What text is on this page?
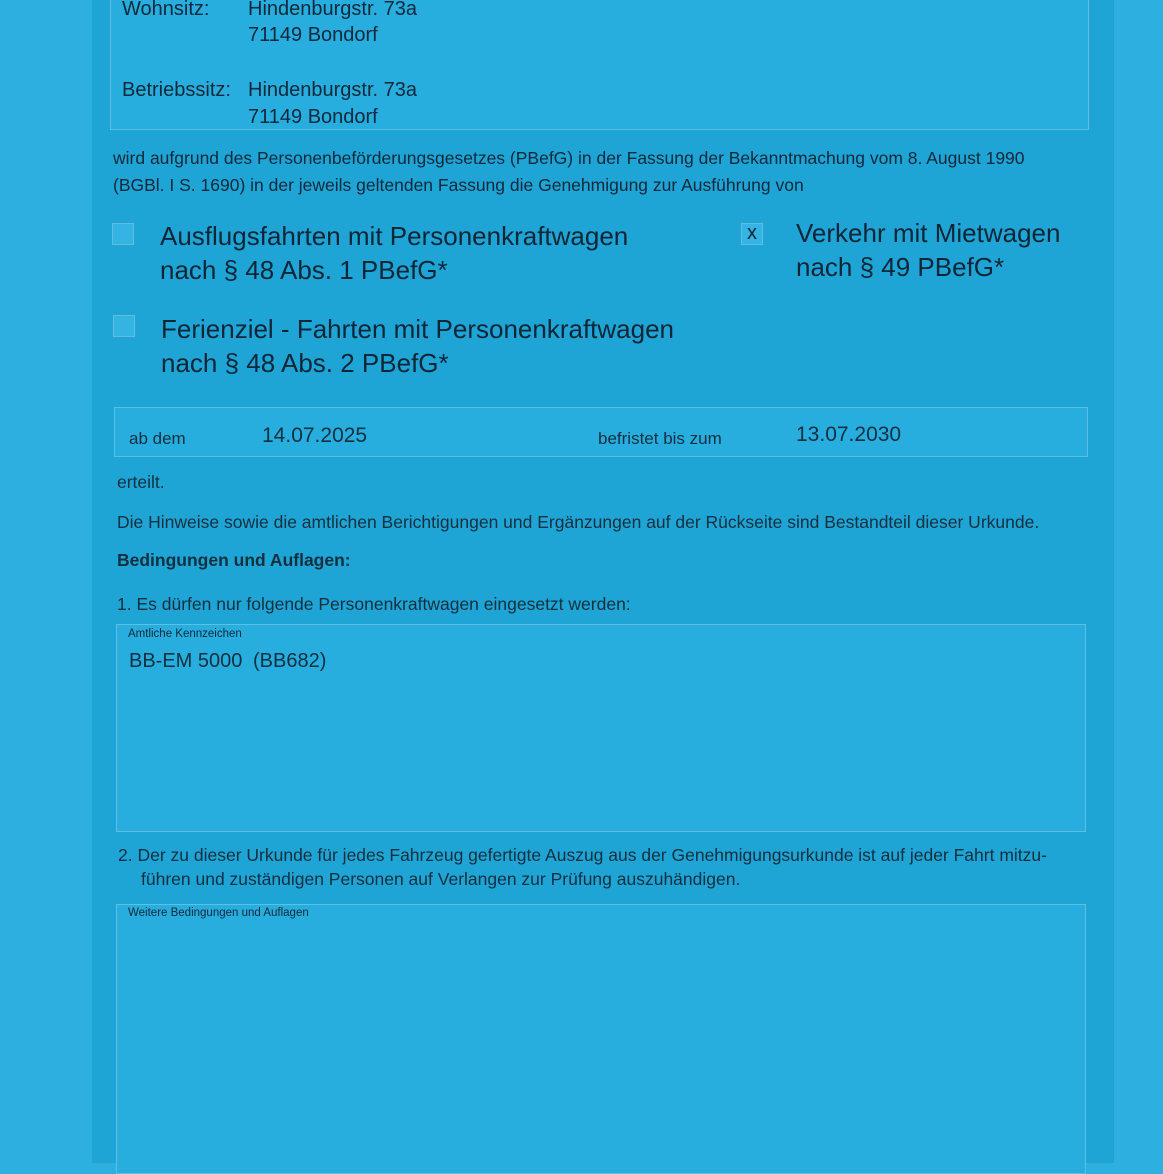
Wohnsitz: Hindenburgstr. 73a
71149 Bondorf
Betriebssitz: Hindenburgstr. 73a
71149 Bondorf
wird aufgrund des Personenbeförderungsgesetzes (PBefG) in der Fassung der Bekanntmachung vom 8. August 1990
(BGBl. I S. 1690) in der jeweils geltenden Fassung die Genehmigung zur Ausführung von
Ausflugsfahrten mit Personenkraftwagen
nach § 48 Abs. 1 PBefG*
x Verkehr mit Mietwagen
nach § 49 PBefG*
Ferienziel - Fahrten mit Personenkraftwagen
nach § 48 Abs. 2 PBefG*
ab dem	14.07.2025	befristet bis zum	13.07.2030
erteilt.
Die Hinweise sowie die amtlichen Berichtigungen und Ergänzungen auf der Rückseite sind Bestandteil dieser Urkunde.
Bedingungen und Auflagen:
1. Es dürfen nur folgende Personenkraftwagen eingesetzt werden:
Amtliche Kennzeichen
BB-EM 5000 (BB682)
2. Der zu dieser Urkunde für jedes Fahrzeug gefertigte Auszug aus der Genehmigungsurkunde ist auf jeder Fahrt mitzu-
führen und zuständigen Personen auf Verlangen zur Prüfung auszuhändigen.
Weitere Bedingungen und Auflagen
